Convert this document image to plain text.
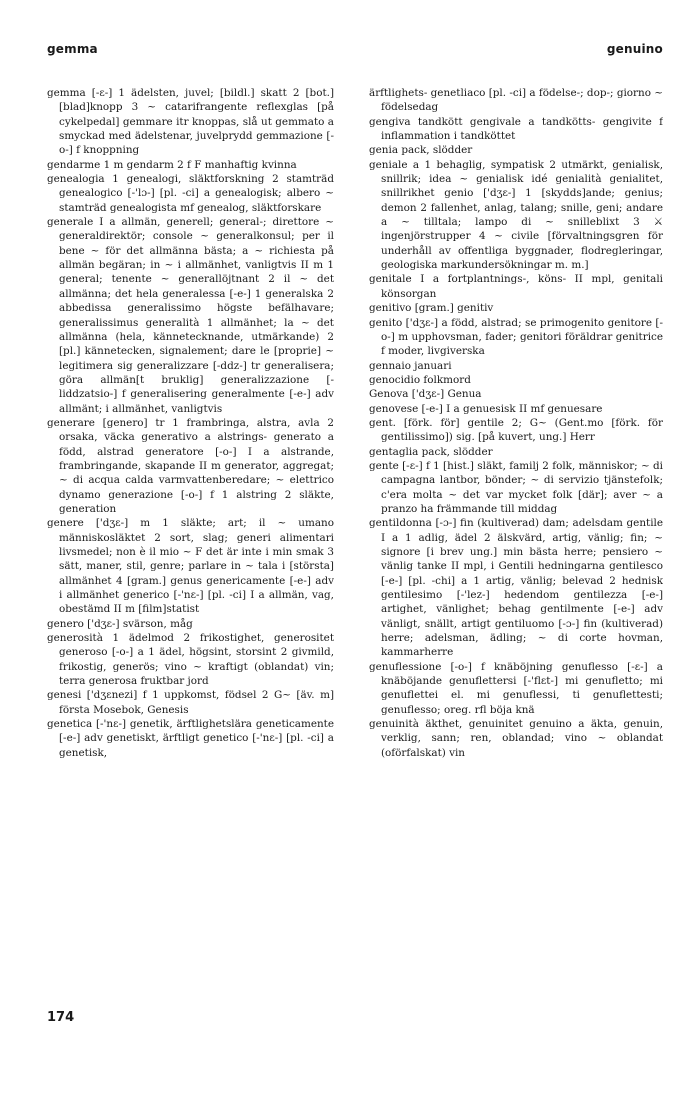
gemma	genuino

gemma [-ɛ-] 1 ädelsten, juvel; [bildl.] skatt 2 [bot.] [blad]knopp 3 ~ catarifrangente reflexglas [på cykelpedal] gemmare itr knoppas, slå ut gemmato a smyckad med ädelstenar, juvelprydd gemmazione [-o-] f knoppning

gendarme 1 m gendarm 2 f F manhaftig kvinna

genealogia 1 genealogi, släktforskning 2 stamträd genealogico [-'lɔ-] [pl. -ci] a genealogisk; albero ~ stamträd genealogista mf genealog, släktforskare

generale I a allmän, generell; general-; direttore ~ generaldirektör; console ~ generalkonsul; per il bene ~ för det allmänna bästa; a ~ richiesta på allmän begäran; in ~ i allmänhet, vanligtvis II m 1 general; tenente ~ generallöjtnant 2 il ~ det allmänna; det hela generalessa [-e-] 1 generalska 2 abbedissa generalissimo högste befälhavare; generalissimus generalità 1 allmänhet; la ~ det allmänna (hela, kännetecknande, utmärkande) 2 [pl.] kännetecken, signalement; dare le [proprie] ~ legitimera sig generalizzare [-ddz-] tr generalisera; göra allmän[t bruklig] generalizzazione [-liddzatsio-] f generalisering generalmente [-e-] adv allmänt; i allmänhet, vanligtvis

generare [genero] tr 1 frambringa, alstra, avla 2 orsaka, väcka generativo a alstrings- generato a född, alstrad generatore [-o-] I a alstrande, frambringande, skapande II m generator, aggregat; ~ di acqua calda varmvattenberedare; ~ elettrico dynamo generazione [-o-] f 1 alstring 2 släkte, generation

genere ['dʒɛ-] m 1 släkte; art; il ~ umano människosläktet 2 sort, slag; generi alimentari livsmedel; non è il mio ~ F det är inte i min smak 3 sätt, maner, stil, genre; parlare in ~ tala i [största] allmänhet 4 [gram.] genus genericamente [-e-] adv i allmänhet generico [-'nɛ-] [pl. -ci] I a allmän, vag, obestämd II m [film]statist

genero ['dʒɛ-] svärson, måg

generosità 1 ädelmod 2 frikostighet, generositet generoso [-o-] a 1 ädel, högsint, storsint 2 givmild, frikostig, generös; vino ~ kraftigt (oblandat) vin; terra generosa fruktbar jord

genesi ['dʒɛnezi] f 1 uppkomst, födsel 2 G~ [äv. m] första Mosebok, Genesis

genetica [-'nɛ-] genetik, ärftlighetslära geneticamente [-e-] adv genetiskt, ärftligt genetico [-'nɛ-] [pl. -ci] a genetisk,

ärftlighets- genetliaco [pl. -ci] a födelse-; dop-; giorno ~ födelsedag

gengiva tandkött gengivale a tandkötts- gengivite f inflammation i tandköttet

genia pack, slödder

geniale a 1 behaglig, sympatisk 2 utmärkt, genialisk, snillrik; idea ~ genialisk idé genialità genialitet, snillrikhet genio ['dʒɛ-] 1 [skydds]ande; genius; demon 2 fallenhet, anlag, talang; snille, geni; andare a ~ tilltala; lampo di ~ snilleblixt 3 ⚔ ingenjörstrupper 4 ~ civile [förvaltningsgren för underhåll av offentliga byggnader, flodregleringar, geologiska markundersökningar m. m.]

genitale I a fortplantnings-, köns- II mpl, genitali könsorgan

genitivo [gram.] genitiv

genito ['dʒɛ-] a född, alstrad; se primogenito genitore [-o-] m upphovsman, fader; genitori föräldrar genitrice f moder, livgiverska

gennaio januari

genocidio folkmord

Genova ['dʒɛ-] Genua

genovese [-e-] I a genuesisk II mf genuesare

gent. [förk. för] gentile 2; G~ (Gent.mo [förk. för gentilissimo]) sig. [på kuvert, ung.] Herr

gentaglia pack, slödder

gente [-ɛ-] f 1 [hist.] släkt, familj 2 folk, människor; ~ di campagna lantbor, bönder; ~ di servizio tjänstefolk; c'era molta ~ det var mycket folk [där]; aver ~ a pranzo ha främmande till middag

gentildonna [-ɔ-] fin (kultiverad) dam; adelsdam gentile I a 1 adlig, ädel 2 älskvärd, artig, vänlig; fin; ~ signore [i brev ung.] min bästa herre; pensiero ~ vänlig tanke II mpl, i Gentili hedningarna gentilesco [-e-] [pl. -chi] a 1 artig, vänlig; belevad 2 hednisk gentilesimo [-'lez-] hedendom gentilezza [-e-] artighet, vänlighet; behag gentilmente [-e-] adv vänligt, snällt, artigt gentiluomo [-ɔ-] fin (kultiverad) herre; adelsman, ädling; ~ di corte hovman, kammarherre

genuflessione [-o-] f knäböjning genuflesso [-ɛ-] a knäböjande genuflettersi [-'flɛt-] mi genufletto; mi genuflettei el. mi genuflessi, ti genuflettesti; genuflesso; oreg. rfl böja knä

genuinità äkthet, genuinitet genuino a äkta, genuin, verklig, sann; ren, oblandad; vino ~ oblandat (oförfalskat) vin

174
